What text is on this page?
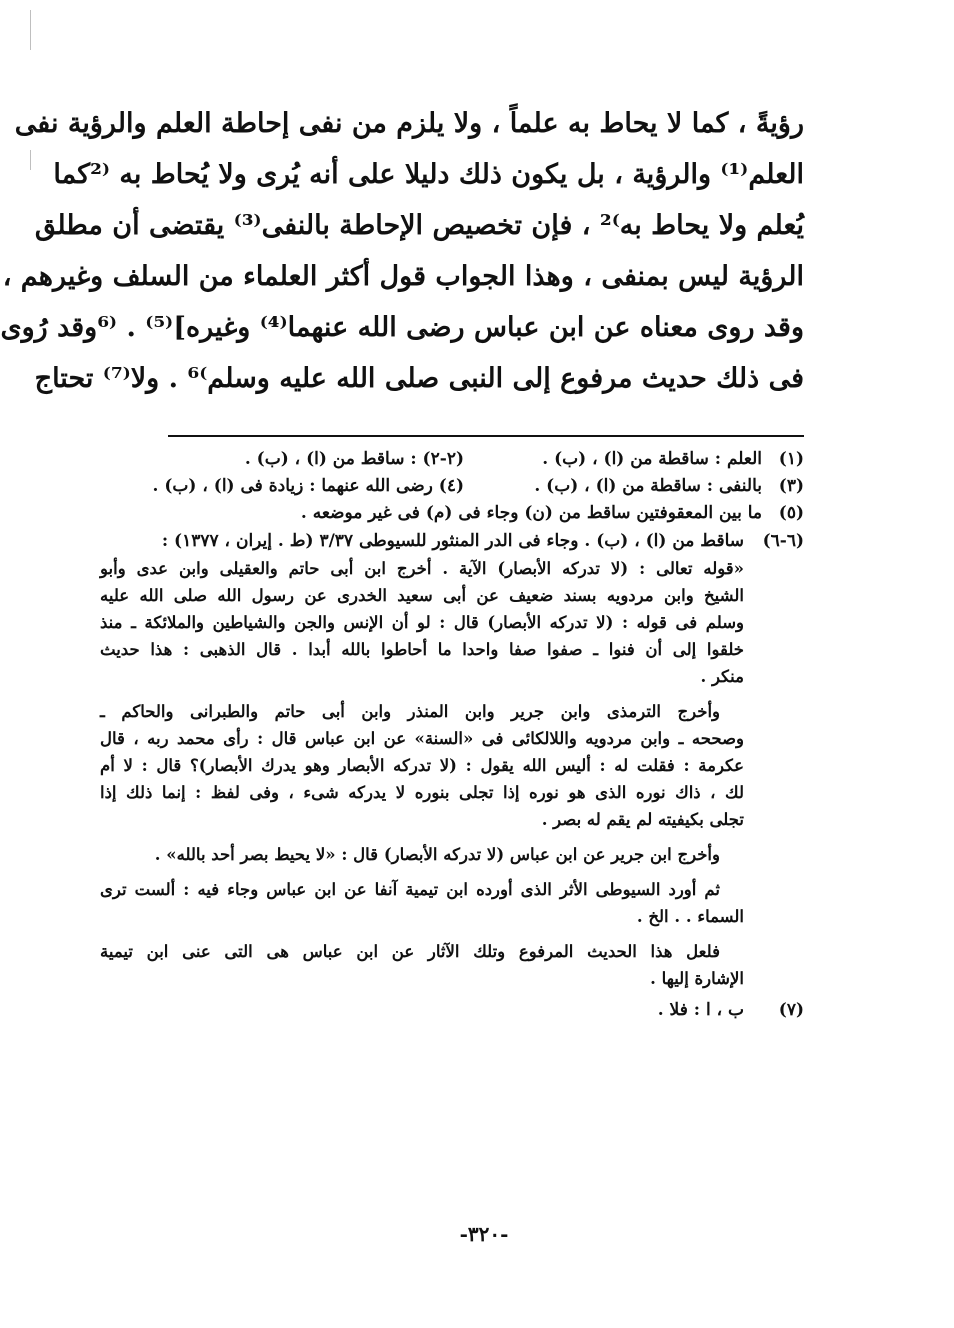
رؤيةً ، كما لا يحاط به علماً ، ولا يلزم من نفى إحاطة العلم والرؤية نفى
العلم⁽¹⁾ والرؤية ، بل يكون ذلك دليلا على أنه يُرى ولا يُحاط به ⁽²كما
يُعلم ولا يحاط به⁾² ، فإن تخصيص الإحاطة بالنفى⁽³⁾ يقتضى أن مطلق
الرؤية ليس بمنفى ، وهذا الجواب قول أكثر العلماء من السلف وغيرهم ،
وقد روى معناه عن ابن عباس رضى الله عنهما⁽⁴⁾ وغيره]⁽⁵⁾ . ⁽⁶وقد رُوى
فى ذلك حديث مرفوع إلى النبى صلى الله عليه وسلم⁾⁶ . ولا⁽⁷⁾ تحتاج
(١)
العلم : ساقطة من (ا) ، (ب) .
(٢-٢) : ساقط من (ا) ، (ب) .
(٣)
بالنفى : ساقطة من (ا) ، (ب) .
(٤) رضى الله عنهما : زيادة فى (ا) ، (ب) .
(٥)
ما بين المعقوفتين ساقط من (ن) وجاء فى (م) فى غير موضعه .
(٦-٦)
ساقط من (ا) ، (ب) . وجاء فى الدر المنثور للسيوطى ٣/٣٧ (ط . إيران ، ١٣٧٧) :
«قوله تعالى : (لا تدركه الأبصار) الآية . أخرج ابن أبى حاتم والعقيلى وابن عدى وأبو
الشيخ وابن مردويه بسند ضعيف عن أبى سعيد الخدرى عن رسول الله صلى الله عليه
وسلم فى قوله : (لا تدركه الأبصار) قال : لو أن الإنس والجن والشياطين والملائكة ـ منذ
خلقوا إلى أن فنوا ـ صفوا صفا واحدا ما أحاطوا بالله أبدا . قال الذهبى : هذا حديث
منكر .
وأخرج الترمذى وابن جرير وابن المنذر وابن أبى حاتم والطبرانى والحاكم ـ
وصححه ـ وابن مردويه واللالكائى فى «السنة» عن ابن عباس قال : رأى محمد ربه ، قال
عكرمة : فقلت له : أليس الله يقول : (لا تدركه الأبصار وهو يدرك الأبصار)؟ قال : لا أم
لك ، ذاك نوره الذى هو نوره إذا تجلى بنوره لا يدركه شىء ، وفى لفظ : إنما ذلك إذا
تجلى بكيفيته لم يقم له بصر .
وأخرج ابن جرير عن ابن عباس (لا تدركه الأبصار) قال : «لا يحيط بصر أحد بالله» .
ثم أورد السيوطى الأثر الذى أورده ابن تيمية آنفا عن ابن عباس وجاء فيه : ألست ترى
السماء . . الخ .
فلعل هذا الحديث المرفوع وتلك الآثار عن ابن عباس هى التى عنى ابن تيمية
الإشارة إليها .
(٧)
ب ، ا : فلا .
-٣٢٠-
